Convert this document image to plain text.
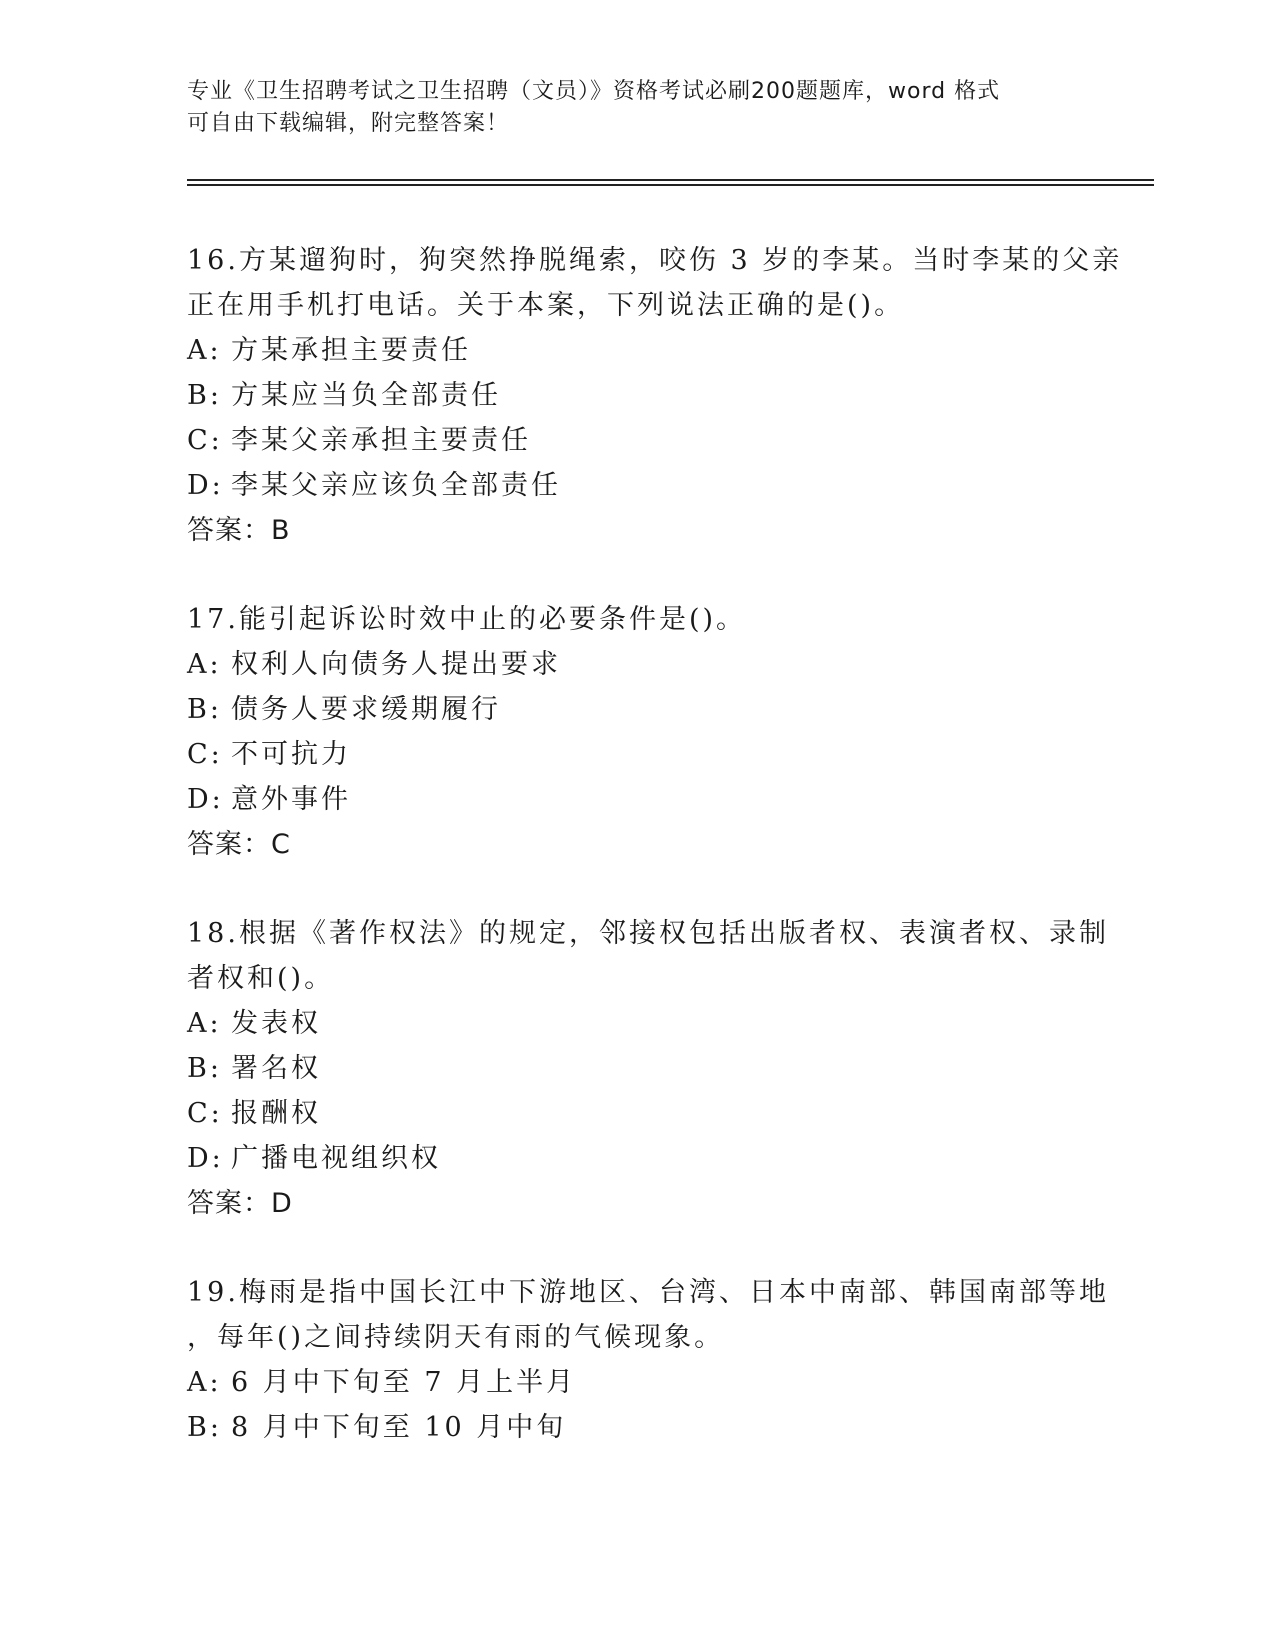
专业《卫生招聘考试之卫生招聘（文员）》资格考试必刷200题题库，word 格式
可自由下载编辑，附完整答案！
16.方某遛狗时，狗突然挣脱绳索，咬伤 3 岁的李某。当时李某的父亲
正在用手机打电话。关于本案，下列说法正确的是()。
A: 方某承担主要责任
B: 方某应当负全部责任
C: 李某父亲承担主要责任
D: 李某父亲应该负全部责任
答案：B
17.能引起诉讼时效中止的必要条件是()。
A: 权利人向债务人提出要求
B: 债务人要求缓期履行
C: 不可抗力
D: 意外事件
答案：C
18.根据《著作权法》的规定，邻接权包括出版者权、表演者权、录制
者权和()。
A: 发表权
B: 署名权
C: 报酬权
D: 广播电视组织权
答案：D
19.梅雨是指中国长江中下游地区、台湾、日本中南部、韩国南部等地
，每年()之间持续阴天有雨的气候现象。
A: 6 月中下旬至 7 月上半月
B: 8 月中下旬至 10 月中旬
